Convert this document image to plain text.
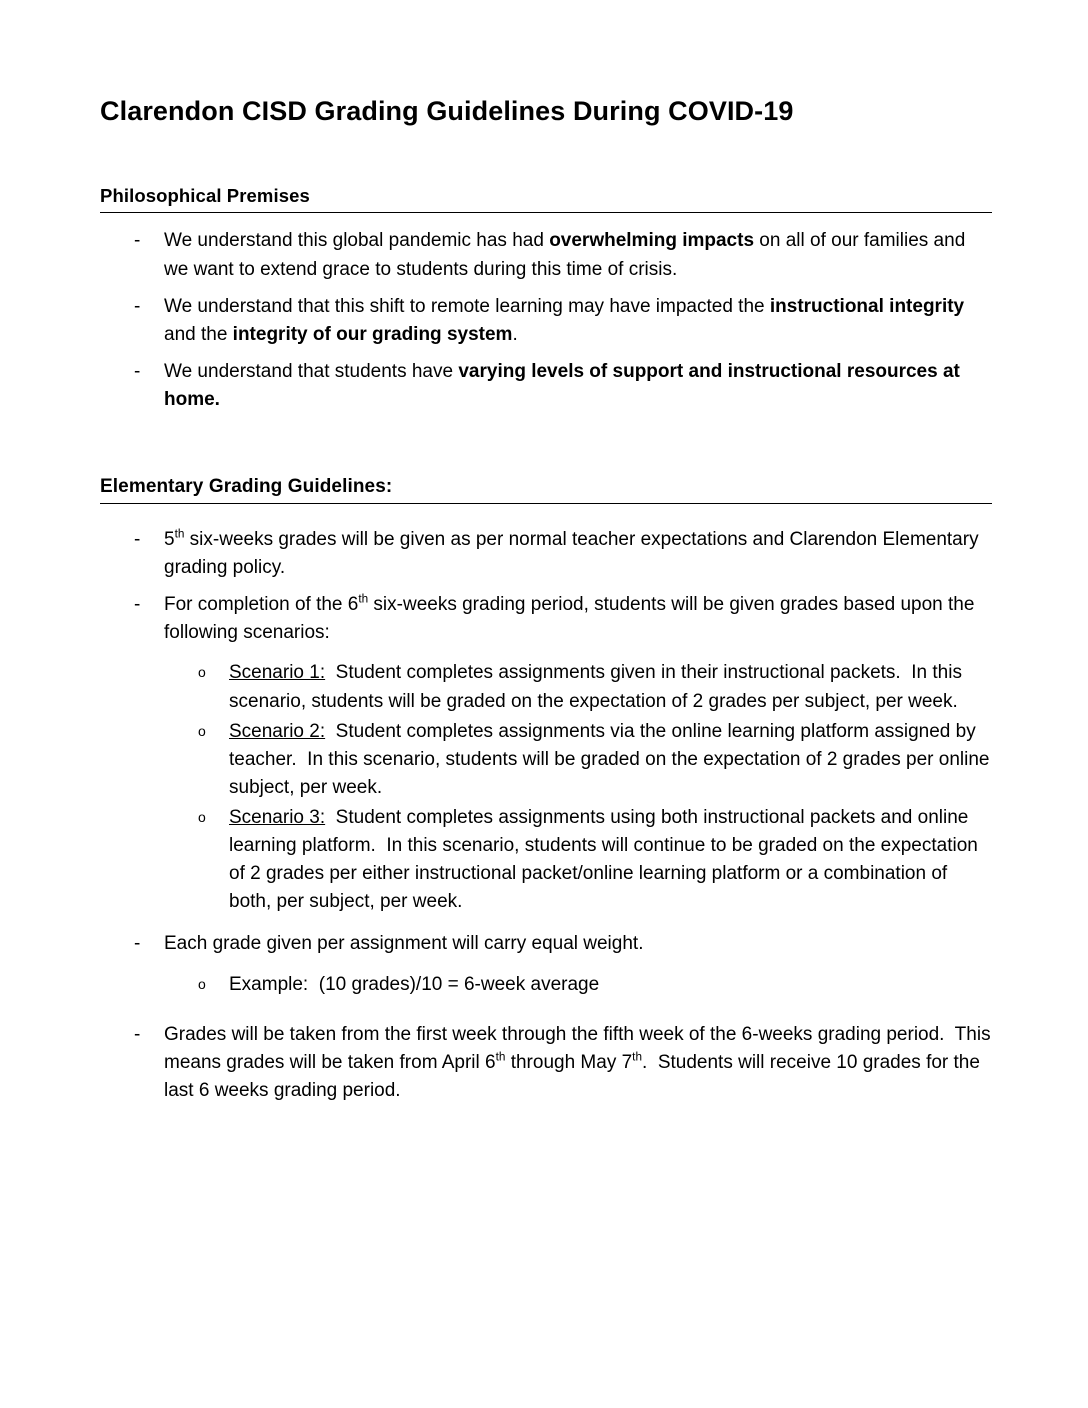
Clarendon CISD Grading Guidelines During COVID-19
Philosophical Premises
- We understand this global pandemic has had overwhelming impacts on all of our families and we want to extend grace to students during this time of crisis.
- We understand that this shift to remote learning may have impacted the instructional integrity and the integrity of our grading system.
- We understand that students have varying levels of support and instructional resources at home.
Elementary Grading Guidelines:
- 5th six-weeks grades will be given as per normal teacher expectations and Clarendon Elementary grading policy.
- For completion of the 6th six-weeks grading period, students will be given grades based upon the following scenarios:
o Scenario 1:  Student completes assignments given in their instructional packets.  In this scenario, students will be graded on the expectation of 2 grades per subject, per week.
o Scenario 2:  Student completes assignments via the online learning platform assigned by teacher.  In this scenario, students will be graded on the expectation of 2 grades per online subject, per week.
o Scenario 3:  Student completes assignments using both instructional packets and online learning platform.  In this scenario, students will continue to be graded on the expectation of 2 grades per either instructional packet/online learning platform or a combination of both, per subject, per week.
- Each grade given per assignment will carry equal weight.
o Example:  (10 grades)/10 = 6-week average
- Grades will be taken from the first week through the fifth week of the 6-weeks grading period.  This means grades will be taken from April 6th through May 7th.  Students will receive 10 grades for the last 6 weeks grading period.
